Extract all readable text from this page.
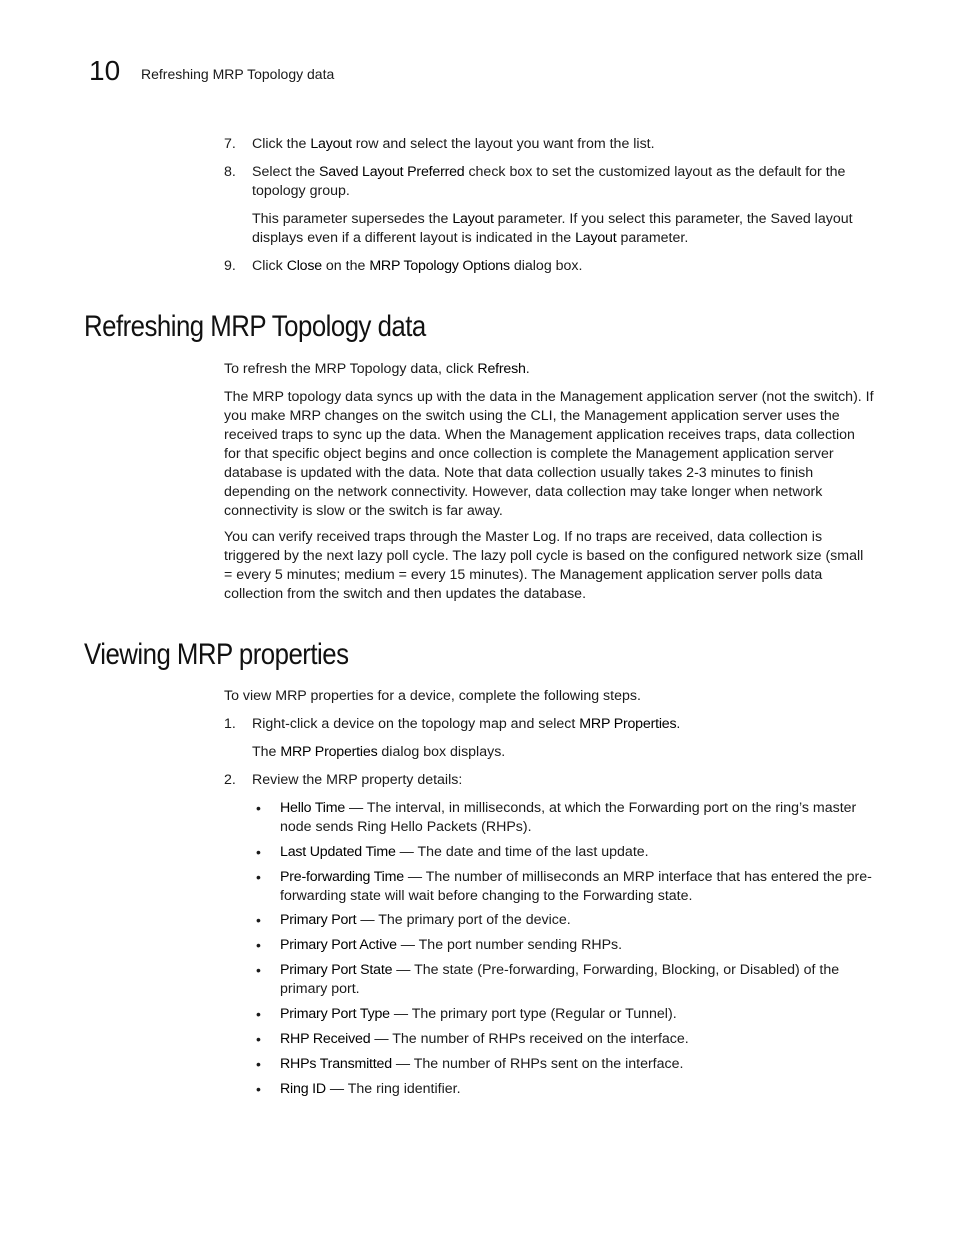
10 Refreshing MRP Topology data
7. Click the Layout row and select the layout you want from the list.
8. Select the Saved Layout Preferred check box to set the customized layout as the default for the topology group.
This parameter supersedes the Layout parameter. If you select this parameter, the Saved layout displays even if a different layout is indicated in the Layout parameter.
9. Click Close on the MRP Topology Options dialog box.
Refreshing MRP Topology data
To refresh the MRP Topology data, click Refresh.
The MRP topology data syncs up with the data in the Management application server (not the switch). If you make MRP changes on the switch using the CLI, the Management application server uses the received traps to sync up the data. When the Management application receives traps, data collection for that specific object begins and once collection is complete the Management application server database is updated with the data. Note that data collection usually takes 2-3 minutes to finish depending on the network connectivity. However, data collection may take longer when network connectivity is slow or the switch is far away.
You can verify received traps through the Master Log. If no traps are received, data collection is triggered by the next lazy poll cycle. The lazy poll cycle is based on the configured network size (small = every 5 minutes; medium = every 15 minutes). The Management application server polls data collection from the switch and then updates the database.
Viewing MRP properties
To view MRP properties for a device, complete the following steps.
1. Right-click a device on the topology map and select MRP Properties.
The MRP Properties dialog box displays.
2. Review the MRP property details:
• Hello Time — The interval, in milliseconds, at which the Forwarding port on the ring’s master node sends Ring Hello Packets (RHPs).
• Last Updated Time — The date and time of the last update.
• Pre-forwarding Time — The number of milliseconds an MRP interface that has entered the pre-forwarding state will wait before changing to the Forwarding state.
• Primary Port — The primary port of the device.
• Primary Port Active — The port number sending RHPs.
• Primary Port State — The state (Pre-forwarding, Forwarding, Blocking, or Disabled) of the primary port.
• Primary Port Type — The primary port type (Regular or Tunnel).
• RHP Received — The number of RHPs received on the interface.
• RHPs Transmitted — The number of RHPs sent on the interface.
• Ring ID — The ring identifier.
